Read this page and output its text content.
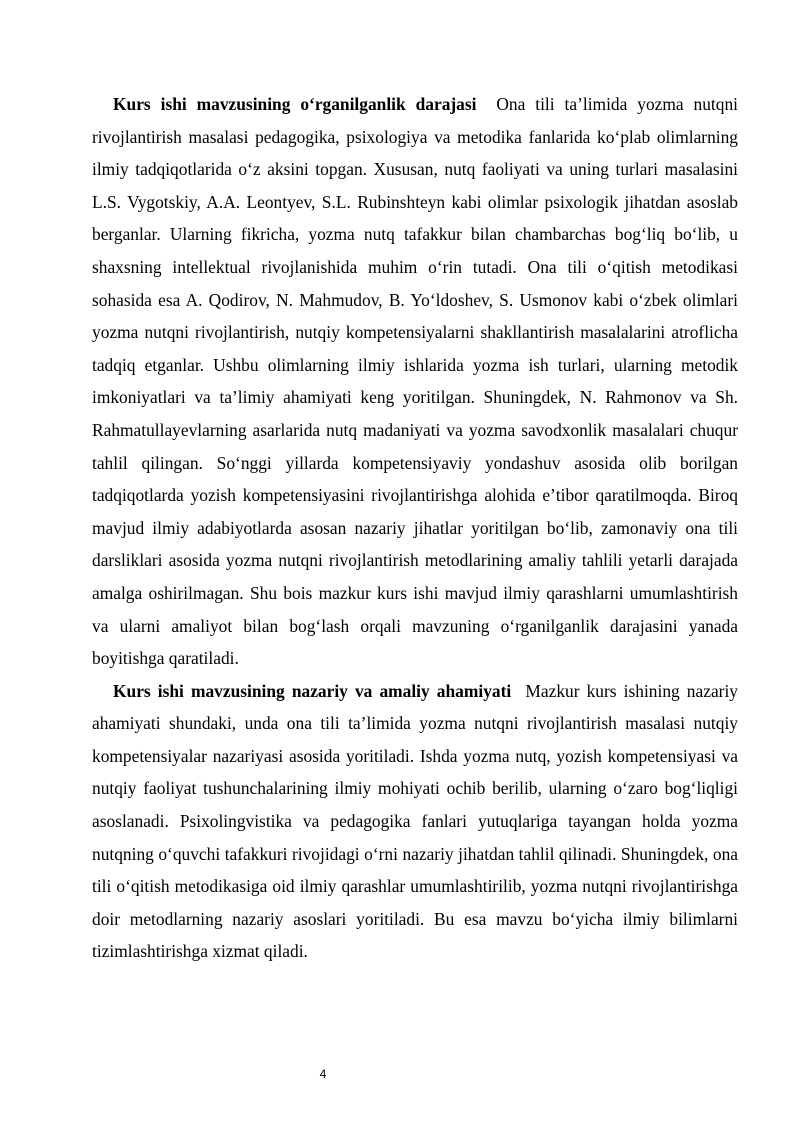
Kurs ishi mavzusining oʻrganilganlik darajasi Ona tili taʼlimida yozma nutqni rivojlantirish masalasi pedagogika, psixologiya va metodika fanlarida koʻplab olimlarning ilmiy tadqiqotlarida oʻz aksini topgan. Xususan, nutq faoliyati va uning turlari masalasini L.S. Vygotskiy, A.A. Leontyev, S.L. Rubinshteyn kabi olimlar psixologik jihatdan asoslab berganlar. Ularning fikricha, yozma nutq tafakkur bilan chambarchas bogʻliq boʻlib, u shaxsning intellektual rivojlanishida muhim oʻrin tutadi. Ona tili oʻqitish metodikasi sohasida esa A. Qodirov, N. Mahmudov, B. Yoʻldoshev, S. Usmonov kabi oʻzbek olimlari yozma nutqni rivojlantirish, nutqiy kompetensiyalarni shakllantirish masalalarini atroflicha tadqiq etganlar. Ushbu olimlarning ilmiy ishlarida yozma ish turlari, ularning metodik imkoniyatlari va taʼlimiy ahamiyati keng yoritilgan. Shuningdek, N. Rahmonov va Sh. Rahmatullayevlarning asarlarida nutq madaniyati va yozma savodxonlik masalalari chuqur tahlil qilingan. Soʻnggi yillarda kompetensiyaviy yondashuv asosida olib borilgan tadqiqotlarda yozish kompetensiyasini rivojlantirishga alohida eʼtibor qaratilmoqda. Biroq mavjud ilmiy adabiyotlarda asosan nazariy jihatlar yoritilgan boʻlib, zamonaviy ona tili darsliklari asosida yozma nutqni rivojlantirish metodlarining amaliy tahlili yetarli darajada amalga oshirilmagan. Shu bois mazkur kurs ishi mavjud ilmiy qarashlarni umumlashtirish va ularni amaliyot bilan bogʻlash orqali mavzuning oʻrganilganlik darajasini yanada boyitishga qaratiladi.

Kurs ishi mavzusining nazariy va amaliy ahamiyati Mazkur kurs ishining nazariy ahamiyati shundaki, unda ona tili taʼlimida yozma nutqni rivojlantirish masalasi nutqiy kompetensiyalar nazariyasi asosida yoritiladi. Ishda yozma nutq, yozish kompetensiyasi va nutqiy faoliyat tushunchalarining ilmiy mohiyati ochib berilib, ularning oʻzaro bogʻliqligi asoslanadi. Psixolingvistika va pedagogika fanlari yutuqlariga tayangan holda yozma nutqning oʻquvchi tafakkuri rivojidagi oʻrni nazariy jihatdan tahlil qilinadi. Shuningdek, ona tili oʻqitish metodikasiga oid ilmiy qarashlar umumlashtirilib, yozma nutqni rivojlantirishga doir metodlarning nazariy asoslari yoritiladi. Bu esa mavzu boʻyicha ilmiy bilimlarni tizimlashtirishga xizmat qiladi.

4
